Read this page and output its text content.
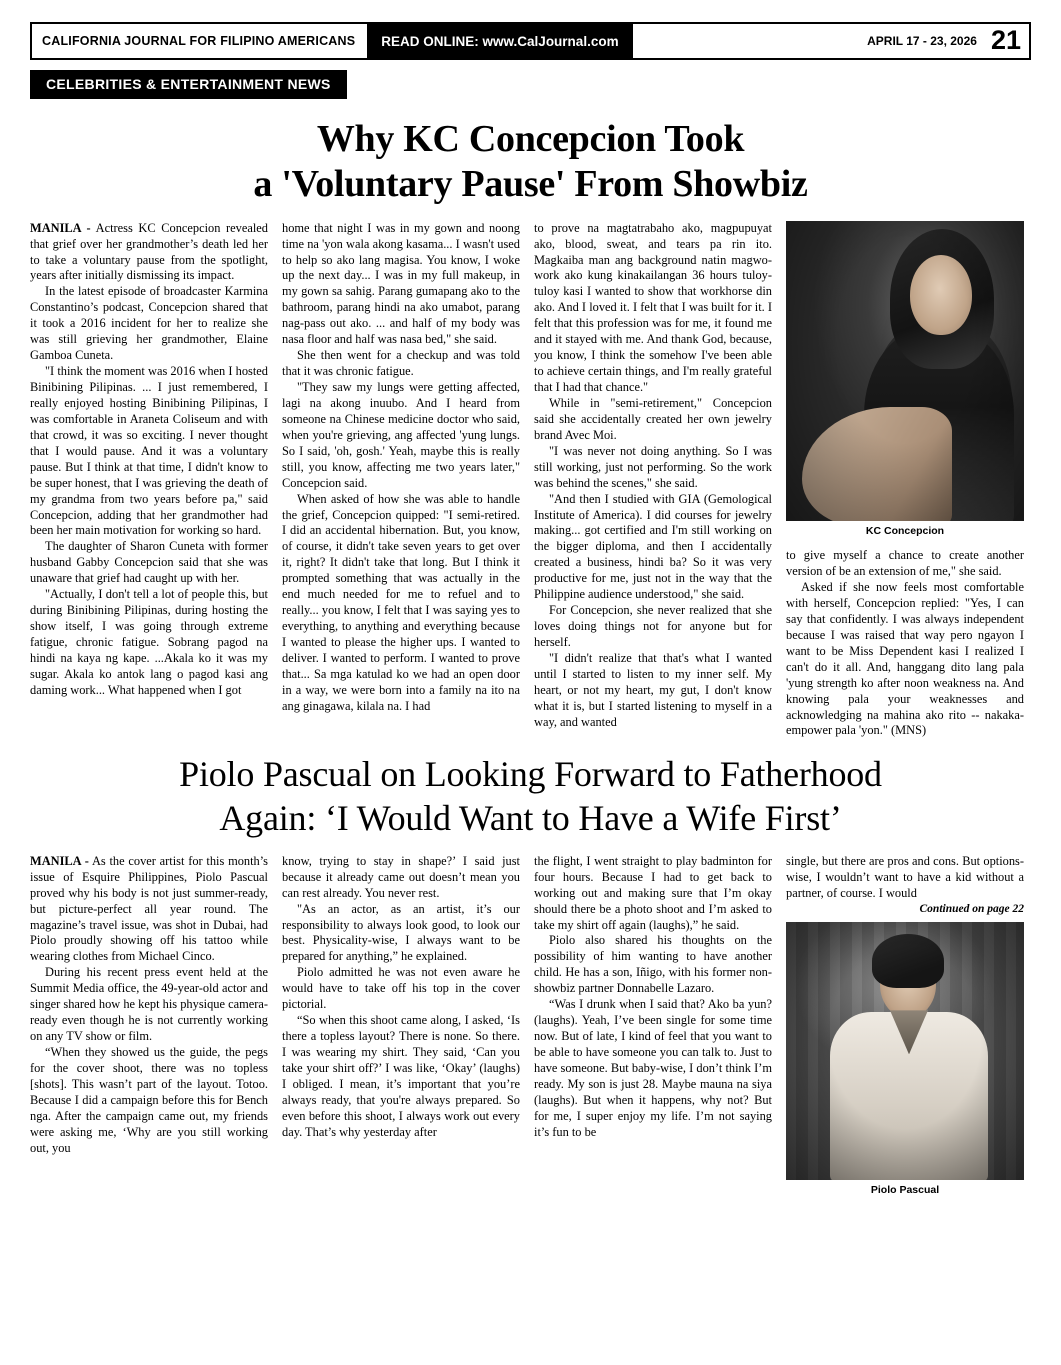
CALIFORNIA JOURNAL FOR FILIPINO AMERICANS	READ ONLINE: www.CalJournal.com	APRIL 17 - 23, 2026 21
CELEBRITIES & ENTERTAINMENT NEWS
Why KC Concepcion Took
a 'Voluntary Pause' From Showbiz

MANILA - Actress KC Concepcion revealed that grief over her grandmother’s death led her to take a voluntary pause from the spotlight, years after initially dismissing its impact.

In the latest episode of broadcaster Karmina Constantino’s podcast, Concepcion shared that it took a 2016 incident for her to realize she was still grieving her grandmother, Elaine Gamboa Cuneta.

"I think the moment was 2016 when I hosted Binibining Pilipinas. ... I just remembered, I really enjoyed hosting Binibining Pilipinas, I was comfortable in Araneta Coliseum and with that crowd, it was so exciting. I never thought that I would pause. And it was a voluntary pause. But I think at that time, I didn't know to be super honest, that I was grieving the death of my grandma from two years before pa," said Concepcion, adding that her grandmother had been her main motivation for working so hard.

The daughter of Sharon Cuneta with former husband Gabby Concepcion said that she was unaware that grief had caught up with her.

"Actually, I don't tell a lot of people this, but during Binibining Pilipinas, during hosting the show itself, I was going through extreme fatigue, chronic fatigue. Sobrang pagod na hindi na kaya ng kape. ...Akala ko it was my sugar. Akala ko antok lang o pagod kasi ang daming work... What happened when I got

home that night I was in my gown and noong time na 'yon wala akong kasama... I wasn't used to help so ako lang magisa. You know, I woke up the next day... I was in my full makeup, in my gown sa sahig. Parang gumapang ako to the bathroom, parang hindi na ako umabot, parang nag-pass out ako. ... and half of my body was nasa floor and half was nasa bed," she said.

She then went for a checkup and was told that it was chronic fatigue.

"They saw my lungs were getting affected, lagi na akong inuubo. And I heard from someone na Chinese medicine doctor who said, when you're grieving, ang affected 'yung lungs. So I said, 'oh, gosh.' Yeah, maybe this is really still, you know, affecting me two years later," Concepcion said.

When asked of how she was able to handle the grief, Concepcion quipped: "I semi-retired. I did an accidental hibernation. But, you know, of course, it didn't take seven years to get over it, right? It didn't take that long. But I think it prompted something that was actually in the end much needed for me to refuel and to really... you know, I felt that I was saying yes to everything, to anything and everything because I wanted to please the higher ups. I wanted to deliver. I wanted to perform. I wanted to prove that... Sa mga katulad ko we had an open door in a way, we were born into a family na ito na ang ginagawa, kilala na. I had

to prove na magtatrabaho ako, magpupuyat ako, blood, sweat, and tears pa rin ito. Magkaiba man ang background natin magwo-work ako kung kinakailangan 36 hours tuloy-tuloy kasi I wanted to show that workhorse din ako. And I loved it. I felt that I was built for it. I felt that this profession was for me, it found me and it stayed with me. And thank God, because, you know, I think the somehow I've been able to achieve certain things, and I'm really grateful that I had that chance."

While in "semi-retirement," Concepcion said she accidentally created her own jewelry brand Avec Moi.

"I was never not doing anything. So I was still working, just not performing. So the work was behind the scenes," she said.

"And then I studied with GIA (Gemological Institute of America). I did courses for jewelry making... got certified and I'm still working on the bigger diploma, and then I accidentally created a business, hindi ba? So it was very productive for me, just not in the way that the Philippine audience understood," she said.

For Concepcion, she never realized that she loves doing things not for anyone but for herself.

"I didn't realize that that's what I wanted until I started to listen to my inner self. My heart, or not my heart, my gut, I don't know what it is, but I started listening to myself in a way, and wanted

KC Concepcion

to give myself a chance to create another version of be an extension of me," she said.

Asked if she now feels most comfortable with herself, Concepcion replied: "Yes, I can say that confidently. I was always independent because I was raised that way pero ngayon I want to be Miss Dependent kasi I realized I can't do it all. And, hanggang dito lang pala 'yung strength ko after noon weakness na. And knowing pala your weaknesses and acknowledging na mahina ako rito -- nakaka-empower pala 'yon." (MNS)

Piolo Pascual on Looking Forward to Fatherhood
Again: ‘I Would Want to Have a Wife First’

MANILA - As the cover artist for this month’s issue of Esquire Philippines, Piolo Pascual proved why his body is not just summer-ready, but picture-perfect all year round. The magazine’s travel issue, was shot in Dubai, had Piolo proudly showing off his tattoo while wearing clothes from Michael Cinco.

During his recent press event held at the Summit Media office, the 49-year-old actor and singer shared how he kept his physique camera-ready even though he is not currently working on any TV show or film.

“When they showed us the guide, the pegs for the cover shoot, there was no topless [shots]. This wasn’t part of the layout. Totoo. Because I did a campaign before this for Bench nga. After the campaign came out, my friends were asking me, ‘Why are you still working out, you

know, trying to stay in shape?’ I said just because it already came out doesn’t mean you can rest already. You never rest.

"As an actor, as an artist, it’s our responsibility to always look good, to look our best. Physicality-wise, I always want to be prepared for anything,” he explained.

Piolo admitted he was not even aware he would have to take off his top in the cover pictorial.

“So when this shoot came along, I asked, ‘Is there a topless layout? There is none. So there. I was wearing my shirt. They said, ‘Can you take your shirt off?’ I was like, ‘Okay’ (laughs) I obliged. I mean, it’s important that you’re always ready, that you're always prepared. So even before this shoot, I always work out every day. That’s why yesterday after

the flight, I went straight to play badminton for four hours. Because I had to get back to working out and making sure that I’m okay should there be a photo shoot and I’m asked to take my shirt off again (laughs),” he said.

Piolo also shared his thoughts on the possibility of him wanting to have another child. He has a son, Iñigo, with his former non-showbiz partner Donnabelle Lazaro.

“Was I drunk when I said that? Ako ba yun? (laughs). Yeah, I’ve been single for some time now. But of late, I kind of feel that you want to be able to have someone you can talk to. Just to have someone. But baby-wise, I don’t think I’m ready. My son is just 28. Maybe mauna na siya (laughs). But when it happens, why not? But for me, I super enjoy my life. I’m not saying it’s fun to be

single, but there are pros and cons. But options-wise, I wouldn’t want to have a kid without a partner, of course. I would

Continued on page 22
Piolo Pascual
